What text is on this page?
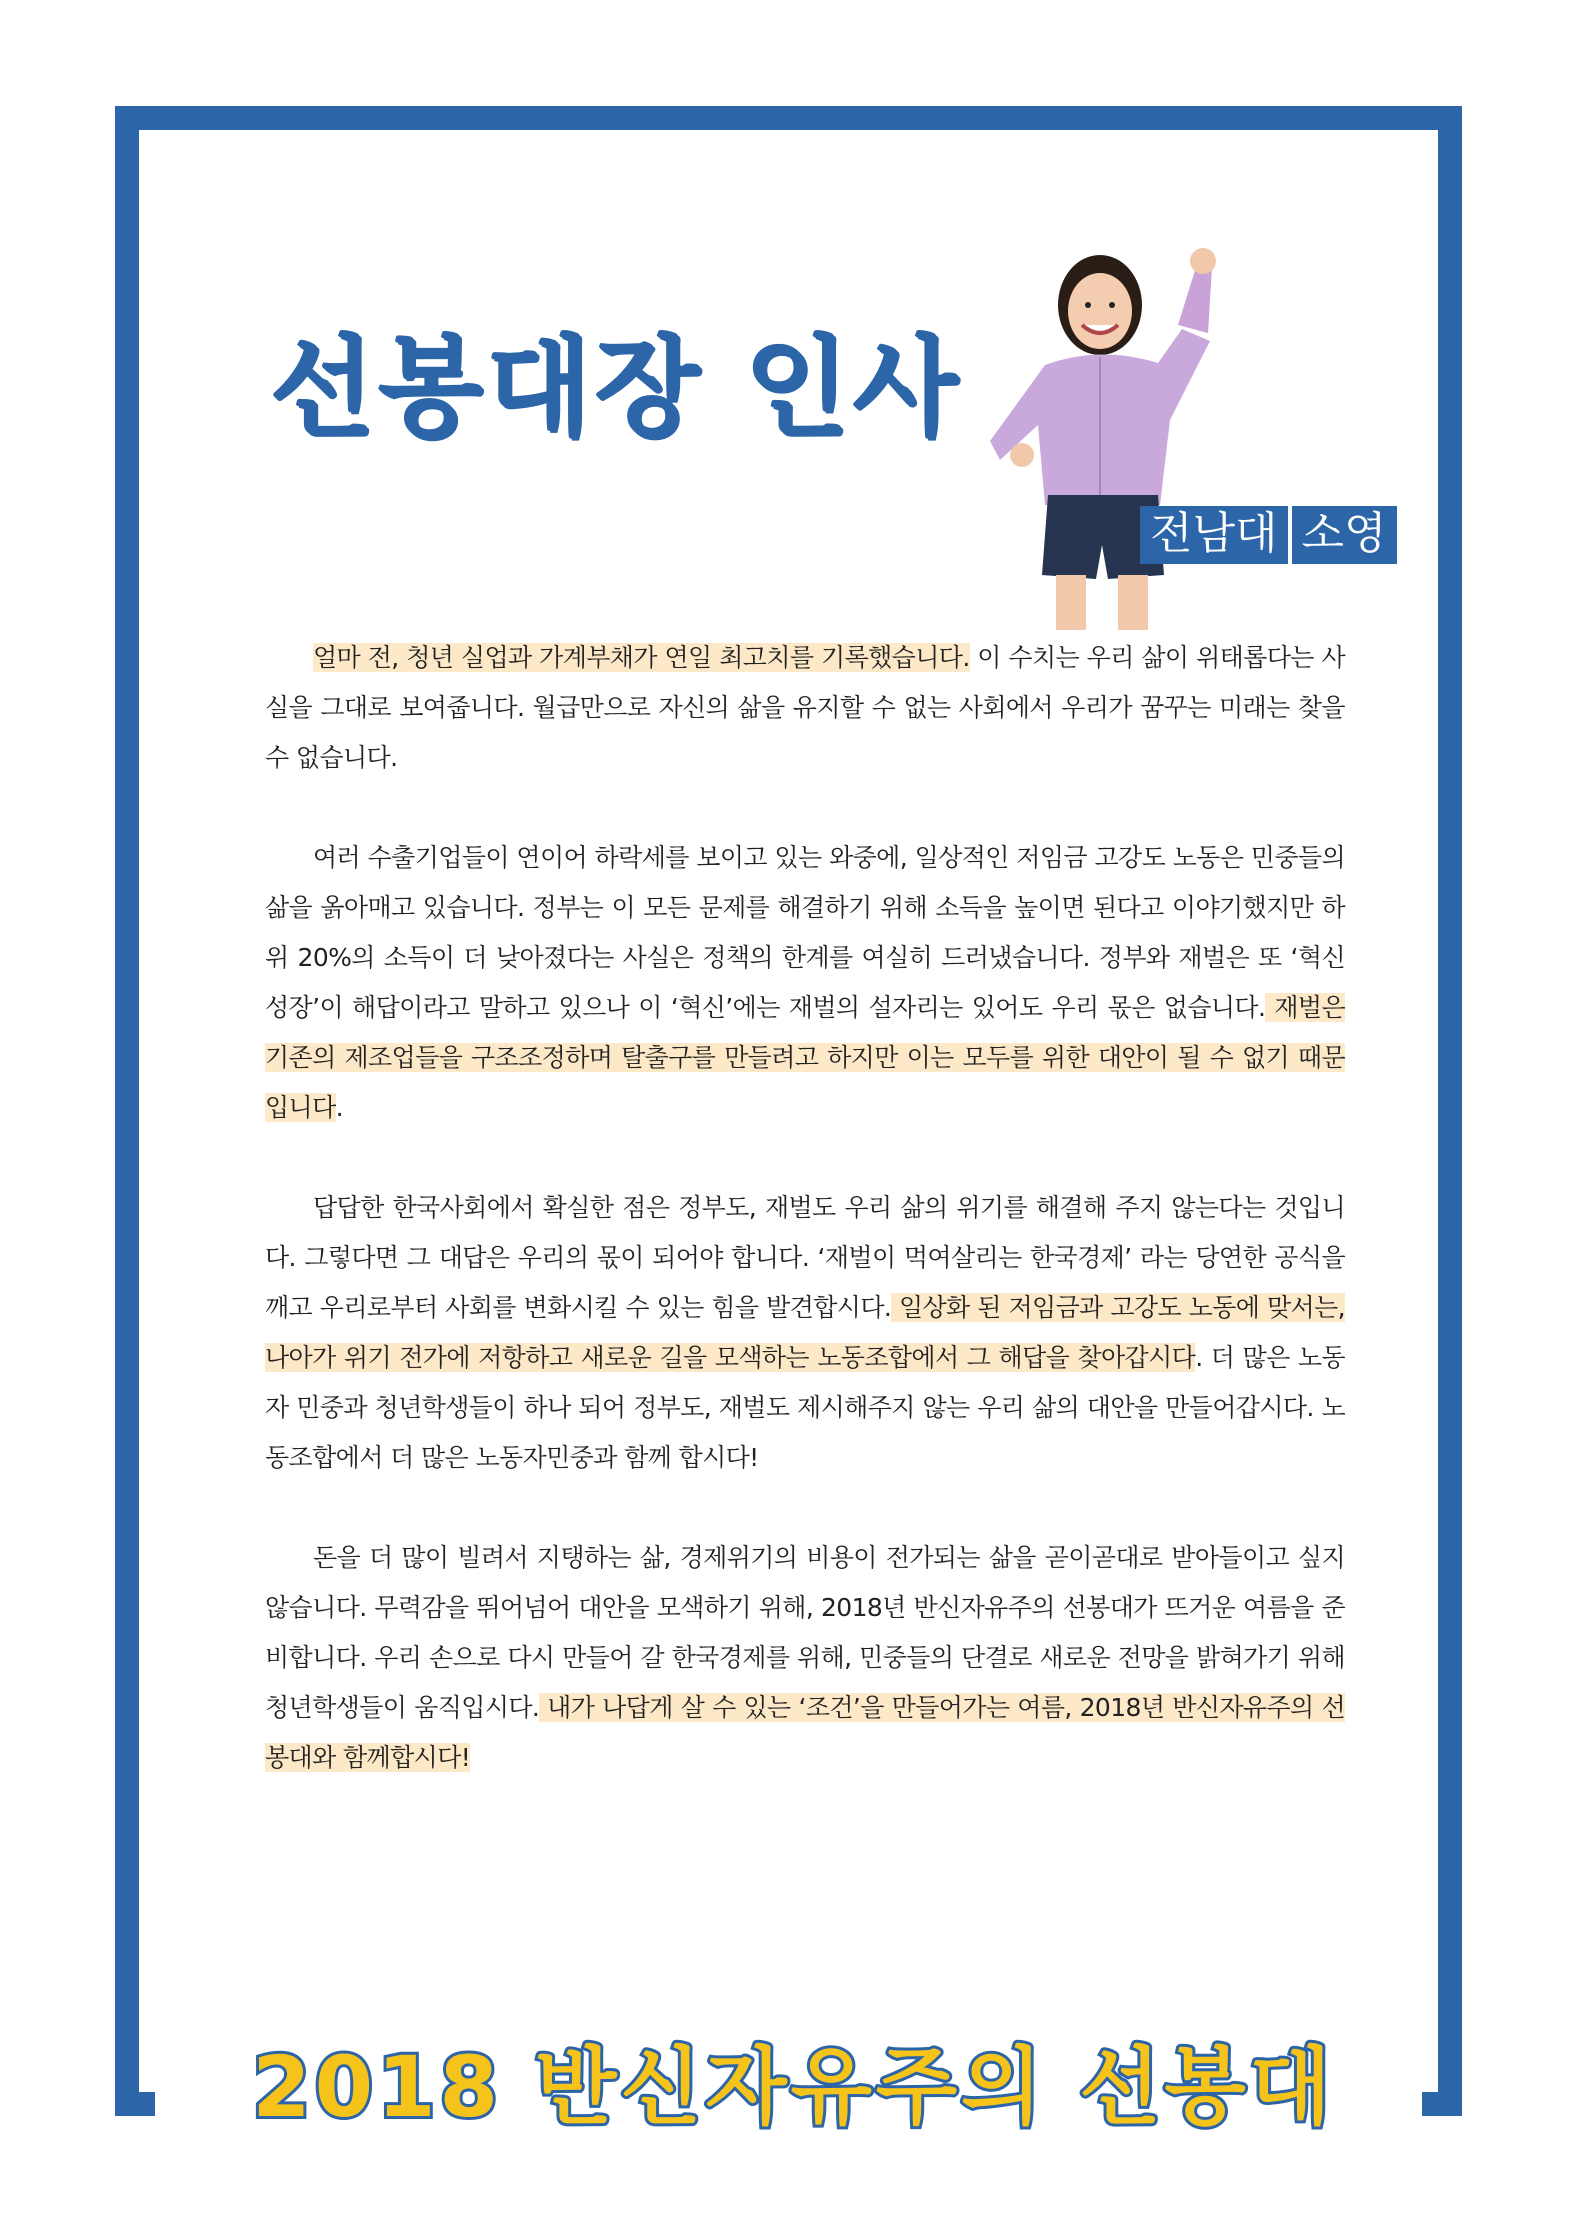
선봉대장 인사
전남대 소영

얼마 전, 청년 실업과 가계부채가 연일 최고치를 기록했습니다. 이 수치는 우리 삶이 위태롭다는 사실을 그대로 보여줍니다. 월급만으로 자신의 삶을 유지할 수 없는 사회에서 우리가 꿈꾸는 미래는 찾을 수 없습니다.

여러 수출기업들이 연이어 하락세를 보이고 있는 와중에, 일상적인 저임금 고강도 노동은 민중들의 삶을 옭아매고 있습니다. 정부는 이 모든 문제를 해결하기 위해 소득을 높이면 된다고 이야기했지만 하위 20%의 소득이 더 낮아졌다는 사실은 정책의 한계를 여실히 드러냈습니다. 정부와 재벌은 또 ‘혁신성장’이 해답이라고 말하고 있으나 이 ‘혁신’에는 재벌의 설자리는 있어도 우리 몫은 없습니다. 재벌은 기존의 제조업들을 구조조정하며 탈출구를 만들려고 하지만 이는 모두를 위한 대안이 될 수 없기 때문입니다.

답답한 한국사회에서 확실한 점은 정부도, 재벌도 우리 삶의 위기를 해결해 주지 않는다는 것입니다. 그렇다면 그 대답은 우리의 몫이 되어야 합니다. ‘재벌이 먹여살리는 한국경제’ 라는 당연한 공식을 깨고 우리로부터 사회를 변화시킬 수 있는 힘을 발견합시다. 일상화 된 저임금과 고강도 노동에 맞서는, 나아가 위기 전가에 저항하고 새로운 길을 모색하는 노동조합에서 그 해답을 찾아갑시다. 더 많은 노동자 민중과 청년학생들이 하나 되어 정부도, 재벌도 제시해주지 않는 우리 삶의 대안을 만들어갑시다. 노동조합에서 더 많은 노동자민중과 함께 합시다!

돈을 더 많이 빌려서 지탱하는 삶, 경제위기의 비용이 전가되는 삶을 곧이곧대로 받아들이고 싶지 않습니다. 무력감을 뛰어넘어 대안을 모색하기 위해, 2018년 반신자유주의 선봉대가 뜨거운 여름을 준비합니다. 우리 손으로 다시 만들어 갈 한국경제를 위해, 민중들의 단결로 새로운 전망을 밝혀가기 위해 청년학생들이 움직입시다. 내가 나답게 살 수 있는 ‘조건’을 만들어가는 여름, 2018년 반신자유주의 선봉대와 함께합시다!

2018 반신자유주의 선봉대
